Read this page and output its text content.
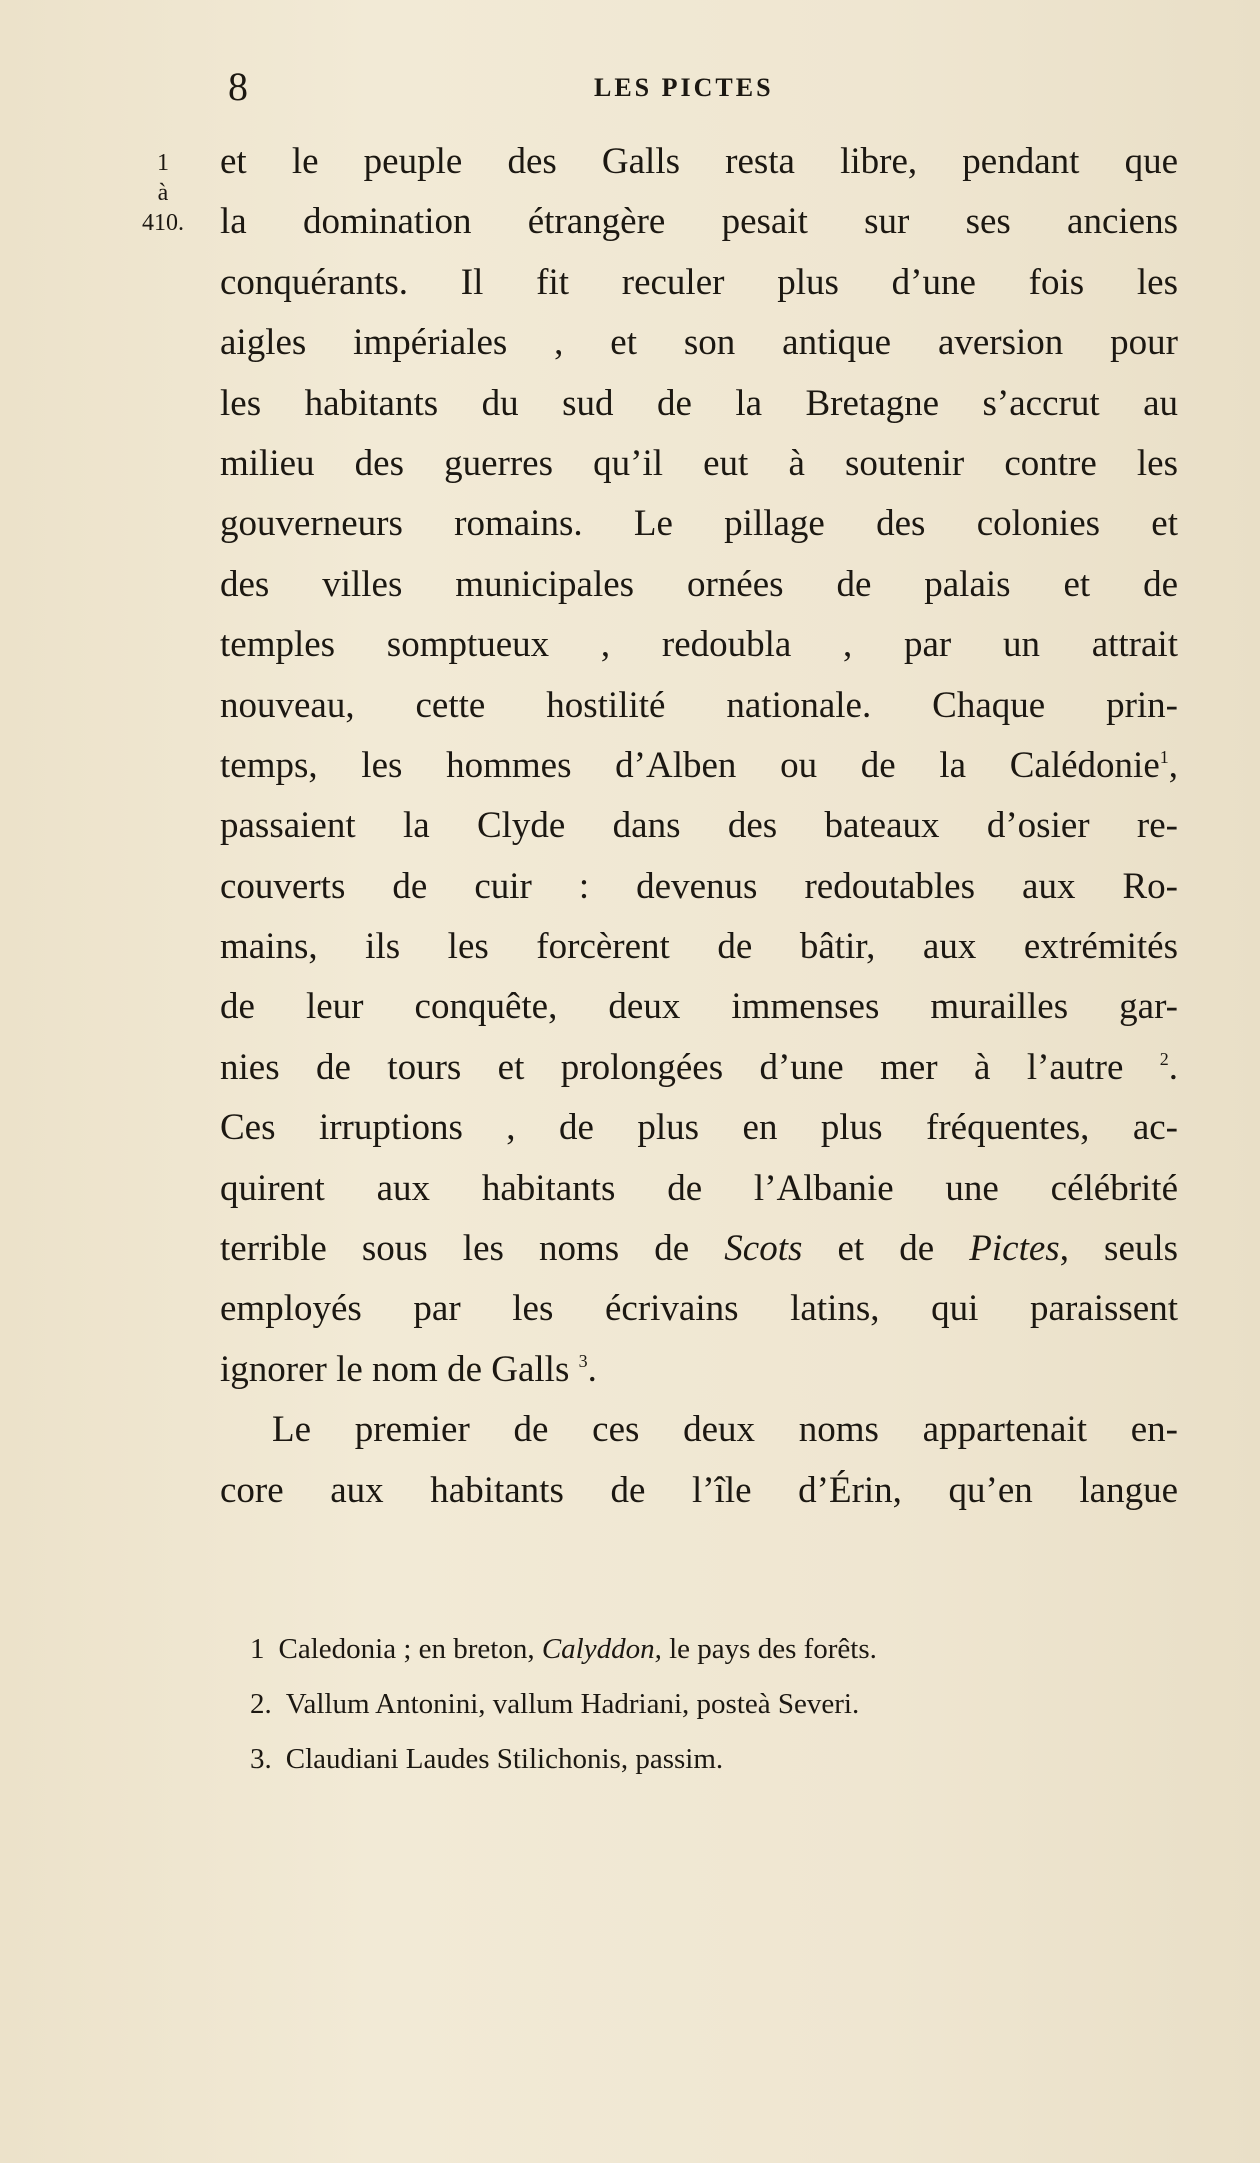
8	LES PICTES
1
à
410.
et le peuple des Galls resta libre, pendant que
la domination étrangère pesait sur ses anciens
conquérants. Il fit reculer plus d’une fois les
aigles impériales , et son antique aversion pour
les habitants du sud de la Bretagne s’accrut au
milieu des guerres qu’il eut à soutenir contre les
gouverneurs romains. Le pillage des colonies et
des villes municipales ornées de palais et de
temples somptueux , redoubla , par un attrait
nouveau, cette hostilité nationale. Chaque prin-
temps, les hommes d’Alben ou de la Calédonie$^1$,
passaient la Clyde dans des bateaux d’osier re-
couverts de cuir : devenus redoutables aux Ro-
mains, ils les forcèrent de bâtir, aux extrémités
de leur conquête, deux immenses murailles gar-
nies de tours et prolongées d’une mer à l’autre $^2$.
Ces irruptions , de plus en plus fréquentes, ac-
quirent aux habitants de l’Albanie une célébrité
terrible sous les noms de Scots et de Pictes, seuls
employés par les écrivains latins, qui paraissent
ignorer le nom de Galls $^3$.
Le premier de ces deux noms appartenait en-
core aux habitants de l’île d’Érin, qu’en langue
1 Caledonia ; en breton, Calyddon, le pays des forêts.
2. Vallum Antonini, vallum Hadriani, posteà Severi.
3. Claudiani Laudes Stilichonis, passim.
